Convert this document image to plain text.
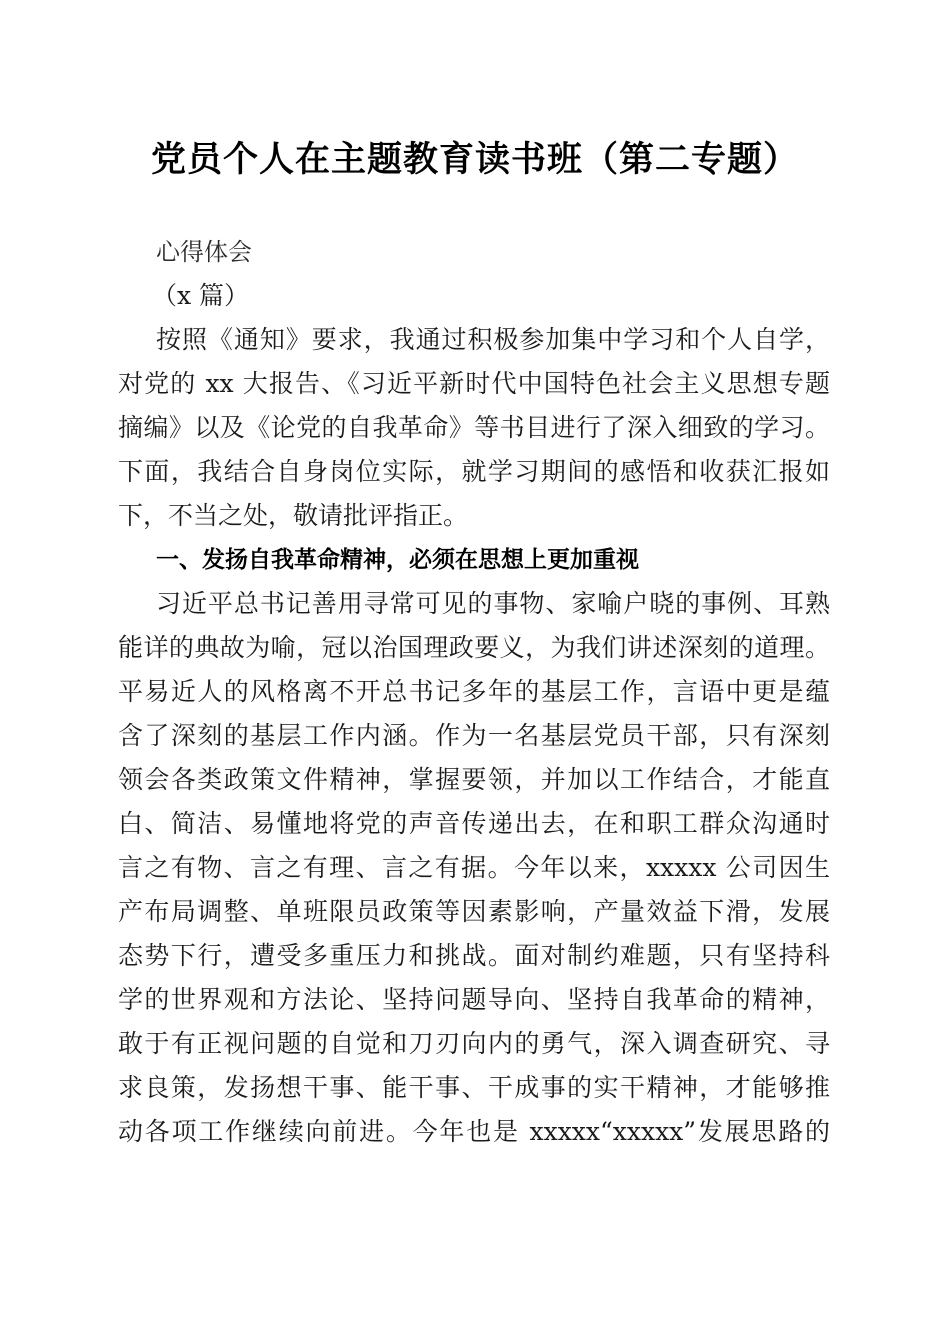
党员个人在主题教育读书班（第二专题）
心得体会
（x 篇）
按照《通知》要求，我通过积极参加集中学习和个人自学，
对党的 xx 大报告、《习近平新时代中国特色社会主义思想专题
摘编》以及《论党的自我革命》等书目进行了深入细致的学习。
下面，我结合自身岗位实际，就学习期间的感悟和收获汇报如
下，不当之处，敬请批评指正。
一、发扬自我革命精神，必须在思想上更加重视
习近平总书记善用寻常可见的事物、家喻户晓的事例、耳熟
能详的典故为喻，冠以治国理政要义，为我们讲述深刻的道理。
平易近人的风格离不开总书记多年的基层工作，言语中更是蕴
含了深刻的基层工作内涵。作为一名基层党员干部，只有深刻
领会各类政策文件精神，掌握要领，并加以工作结合，才能直
白、简洁、易懂地将党的声音传递出去，在和职工群众沟通时
言之有物、言之有理、言之有据。今年以来，xxxxx 公司因生
产布局调整、单班限员政策等因素影响，产量效益下滑，发展
态势下行，遭受多重压力和挑战。面对制约难题，只有坚持科
学的世界观和方法论、坚持问题导向、坚持自我革命的精神，
敢于有正视问题的自觉和刀刃向内的勇气，深入调查研究、寻
求良策，发扬想干事、能干事、干成事的实干精神，才能够推
动各项工作继续向前进。今年也是 xxxxx“xxxxx”发展思路的
